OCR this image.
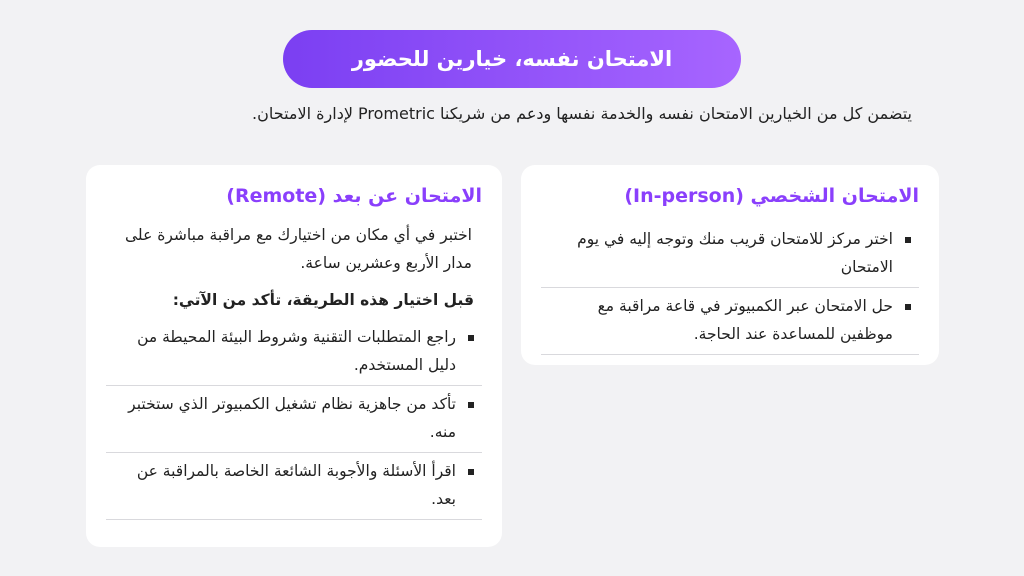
الامتحان نفسه، خيارين للحضور
يتضمن كل من الخيارين الامتحان نفسه والخدمة نفسها ودعم من شريكنا Prometric لإدارة الامتحان.
الامتحان الشخصي (In-person)
اختر مركز للامتحان قريب منك وتوجه إليه في يوم الامتحان
حل الامتحان عبر الكمبيوتر في قاعة مراقبة مع موظفين للمساعدة عند الحاجة.
الامتحان عن بعد (Remote)
اختبر في أي مكان من اختيارك مع مراقبة مباشرة على مدار الأربع وعشرين ساعة.
قبل اختيار هذه الطريقة، تأكد من الآتي:
راجع المتطلبات التقنية وشروط البيئة المحيطة من دليل المستخدم.
تأكد من جاهزية نظام تشغيل الكمبيوتر الذي ستختبر منه.
اقرأ الأسئلة والأجوبة الشائعة الخاصة بالمراقبة عن بعد.
